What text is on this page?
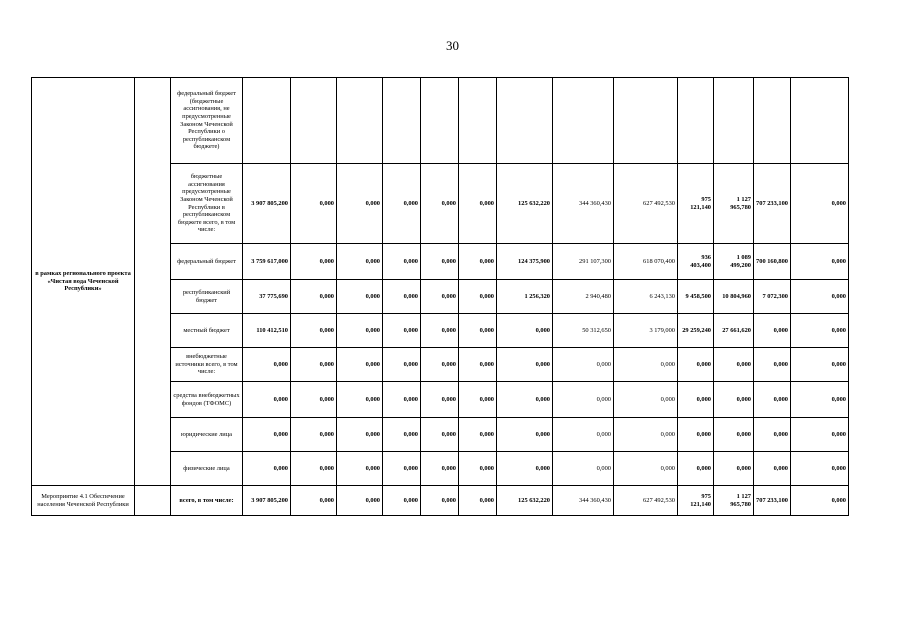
30
в рамках регионального проекта «Чистая вода Чеченской Республики»		федеральный бюджет (бюджетные ассигнования, не предусмотренные Законом Чеченской Республики о республиканском бюджете)													
		бюджетные ассигнования предусмотренные Законом Чеченской Республики в республиканском бюджете всего, в том числе:	3 907 805,200	0,000	0,000	0,000	0,000	0,000	125 632,220	344 360,430	627 492,530	975 121,140	1 127 965,780	707 233,100	0,000
		федеральный бюджет	3 759 617,000	0,000	0,000	0,000	0,000	0,000	124 375,900	291 107,300	618 070,400	936 403,400	1 089 499,200	700 160,800	0,000
		республиканский бюджет	37 775,690	0,000	0,000	0,000	0,000	0,000	1 256,320	2 940,480	6 243,130	9 458,500	10 804,960	7 072,300	0,000
		местный бюджет	110 412,510	0,000	0,000	0,000	0,000	0,000	0,000	50 312,650	3 179,000	29 259,240	27 661,620	0,000	0,000
		внебюджетные источники всего, в том числе:	0,000	0,000	0,000	0,000	0,000	0,000	0,000	0,000	0,000	0,000	0,000	0,000	0,000
		средства внебюджетных фондов (ТФОМС)	0,000	0,000	0,000	0,000	0,000	0,000	0,000	0,000	0,000	0,000	0,000	0,000	0,000
		юридические лица	0,000	0,000	0,000	0,000	0,000	0,000	0,000	0,000	0,000	0,000	0,000	0,000	0,000
		физические лица	0,000	0,000	0,000	0,000	0,000	0,000	0,000	0,000	0,000	0,000	0,000	0,000	0,000
Мероприятие 4.1 Обеспечение населения Чеченской Республики		всего, в том числе:	3 907 805,200	0,000	0,000	0,000	0,000	0,000	125 632,220	344 360,430	627 492,530	975 121,140	1 127 965,780	707 233,100	0,000
